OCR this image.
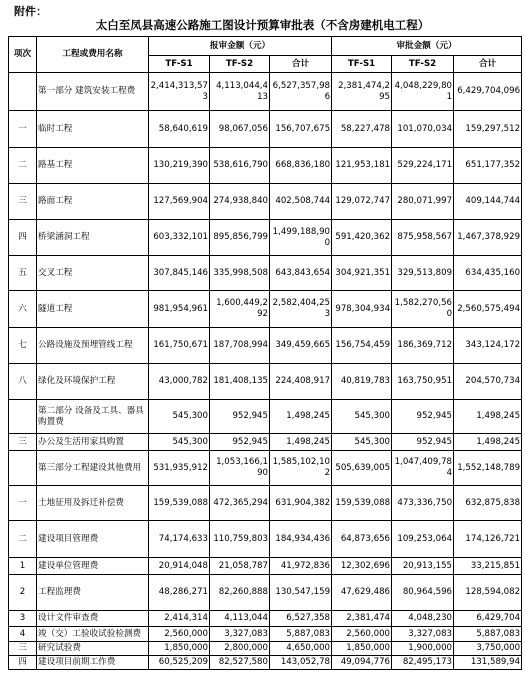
附件：
太白至凤县高速公路施工图设计预算审批表（不含房建机电工程）
项次	工程或费用名称	报审金额（元）			审批金额（元）		
		TF-S1	TF-S2	合计	TF-S1	TF-S2	合计
	第一部分 建筑安装工程费	2,414,313,573	4,113,044,413	6,527,357,986	2,381,474,295	4,048,229,801	6,429,704,096
一	临时工程	58,640,619	98,067,056	156,707,675	58,227,478	101,070,034	159,297,512
二	路基工程	130,219,390	538,616,790	668,836,180	121,953,181	529,224,171	651,177,352
三	路面工程	127,569,904	274,938,840	402,508,744	129,072,747	280,071,997	409,144,744
四	桥梁涵洞工程	603,332,101	895,856,799	1,499,188,900	591,420,362	875,958,567	1,467,378,929
五	交叉工程	307,845,146	335,998,508	643,843,654	304,921,351	329,513,809	634,435,160
六	隧道工程	981,954,961	1,600,449,292	2,582,404,253	978,304,934	1,582,270,560	2,560,575,494
七	公路设施及预埋管线工程	161,750,671	187,708,994	349,459,665	156,754,459	186,369,712	343,124,172
八	绿化及环境保护工程	43,000,782	181,408,135	224,408,917	40,819,783	163,750,951	204,570,734
	第二部分 设备及工具、器具购置费	545,300	952,945	1,498,245	545,300	952,945	1,498,245
三	办公及生活用家具购置	545,300	952,945	1,498,245	545,300	952,945	1,498,245
	第三部分工程建设其他费用	531,935,912	1,053,166,190	1,585,102,102	505,639,005	1,047,409,784	1,552,148,789
一	土地征用及拆迁补偿费	159,539,088	472,365,294	631,904,382	159,539,088	473,336,750	632,875,838
二	建设项目管理费	74,174,633	110,759,803	184,934,436	64,873,656	109,253,064	174,126,721
1	建设单位管理费	20,914,048	21,058,787	41,972,836	12,302,696	20,913,155	33,215,851
2	工程监理费	48,286,271	82,260,888	130,547,159	47,629,486	80,964,596	128,594,082
3	设计文件审查费	2,414,314	4,113,044	6,527,358	2,381,474	4,048,230	6,429,704
4	竣（交）工验收试验检测费	2,560,000	3,327,083	5,887,083	2,560,000	3,327,083	5,887,083
三	研究试验费	1,850,000	2,800,000	4,650,000	1,850,000	1,900,000	3,750,000
四	建设项目前期工作费	60,525,209	82,527,580	143,052,78	49,094,776	82,495,173	131,589,94
